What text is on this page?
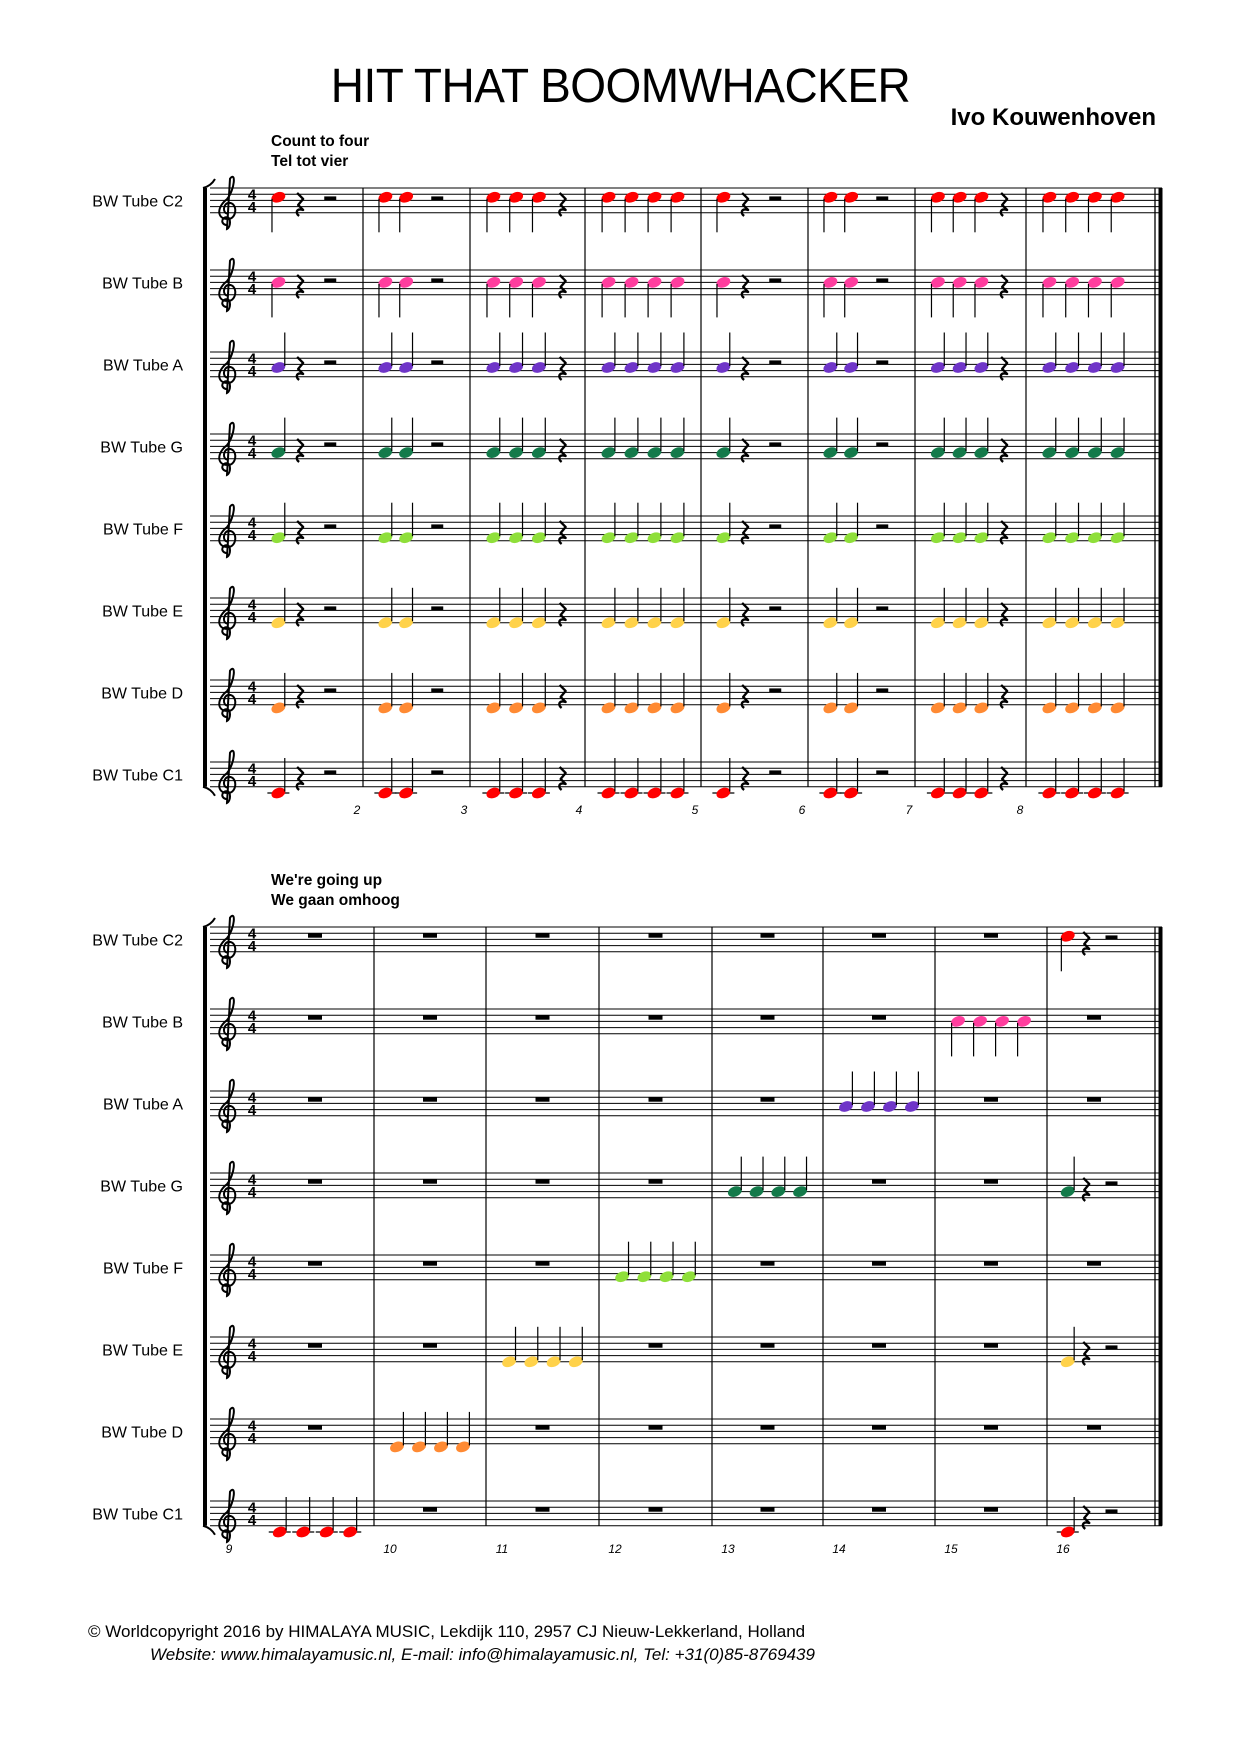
HIT THAT BOOMWHACKER
Ivo Kouwenhoven
Count to four
Tel tot vier
BW Tube C2	4
4
BW Tube B	4
4
BW Tube A	4
4
BW Tube G	4
4
BW Tube F	4
4
BW Tube E	4
4
BW Tube D	4
4
BW Tube C1	4
4
2	3	4	5	6	7	8
We're going up
We gaan omhoog
BW Tube C2	4
4
BW Tube B	4
4
BW Tube A	4
4
BW Tube G	4
4
BW Tube F	4
4
BW Tube E	4
4
BW Tube D	4
4
BW Tube C1	4
4
9	10	11	12	13	14	15	16
© Worldcopyright 2016 by HIMALAYA MUSIC, Lekdijk 110, 2957 CJ Nieuw-Lekkerland, Holland
Website: www.himalayamusic.nl, E-mail: info@himalayamusic.nl, Tel: +31(0)85-8769439
